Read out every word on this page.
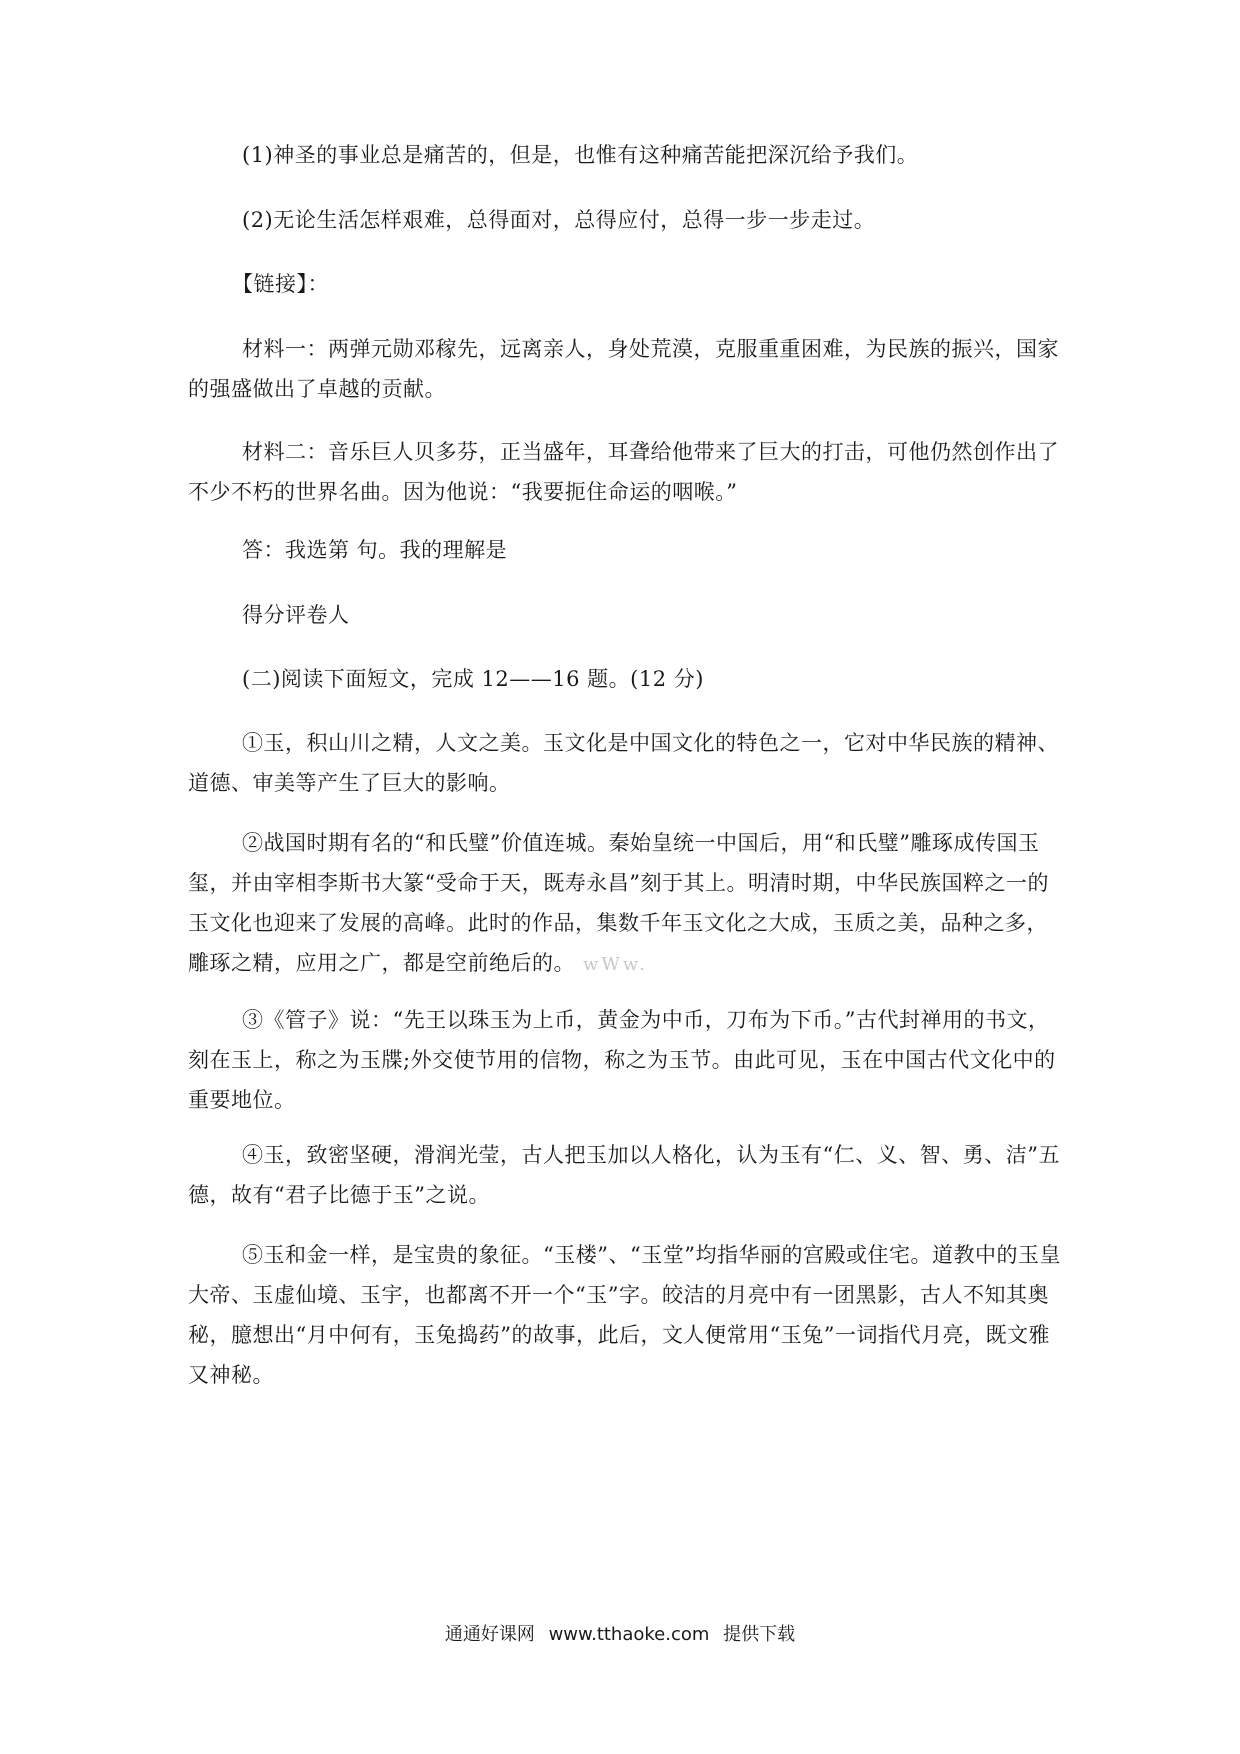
(1)神圣的事业总是痛苦的，但是，也惟有这种痛苦能把深沉给予我们。

(2)无论生活怎样艰难，总得面对，总得应付，总得一步一步走过。

【链接】：

材料一：两弹元勋邓稼先，远离亲人，身处荒漠，克服重重困难，为民族的振兴，国家的强盛做出了卓越的贡献。

材料二：音乐巨人贝多芬，正当盛年，耳聋给他带来了巨大的打击，可他仍然创作出了不少不朽的世界名曲。因为他说：“我要扼住命运的咽喉。”

答：我选第 句。我的理解是

得分评卷人

(二)阅读下面短文，完成 12——16 题。(12 分)

①玉，积山川之精，人文之美。玉文化是中国文化的特色之一，它对中华民族的精神、道德、审美等产生了巨大的影响。

②战国时期有名的“和氏璧”价值连城。秦始皇统一中国后，用“和氏璧”雕琢成传国玉玺，并由宰相李斯书大篆“受命于天，既寿永昌”刻于其上。明清时期，中华民族国粹之一的玉文化也迎来了发展的高峰。此时的作品，集数千年玉文化之大成，玉质之美，品种之多，雕琢之精，应用之广，都是空前绝后的。 wWw.

③《管子》说：“先王以珠玉为上币，黄金为中币，刀布为下币。”古代封禅用的书文，刻在玉上，称之为玉牒;外交使节用的信物，称之为玉节。由此可见，玉在中国古代文化中的重要地位。

④玉，致密坚硬，滑润光莹，古人把玉加以人格化，认为玉有“仁、义、智、勇、洁”五德，故有“君子比德于玉”之说。

⑤玉和金一样，是宝贵的象征。“玉楼”、“玉堂”均指华丽的宫殿或住宅。道教中的玉皇大帝、玉虚仙境、玉宇，也都离不开一个“玉”字。皎洁的月亮中有一团黑影，古人不知其奥秘，臆想出“月中何有，玉兔捣药”的故事，此后，文人便常用“玉兔”一词指代月亮，既文雅又神秘。

通通好课网 www.tthaoke.com 提供下载
